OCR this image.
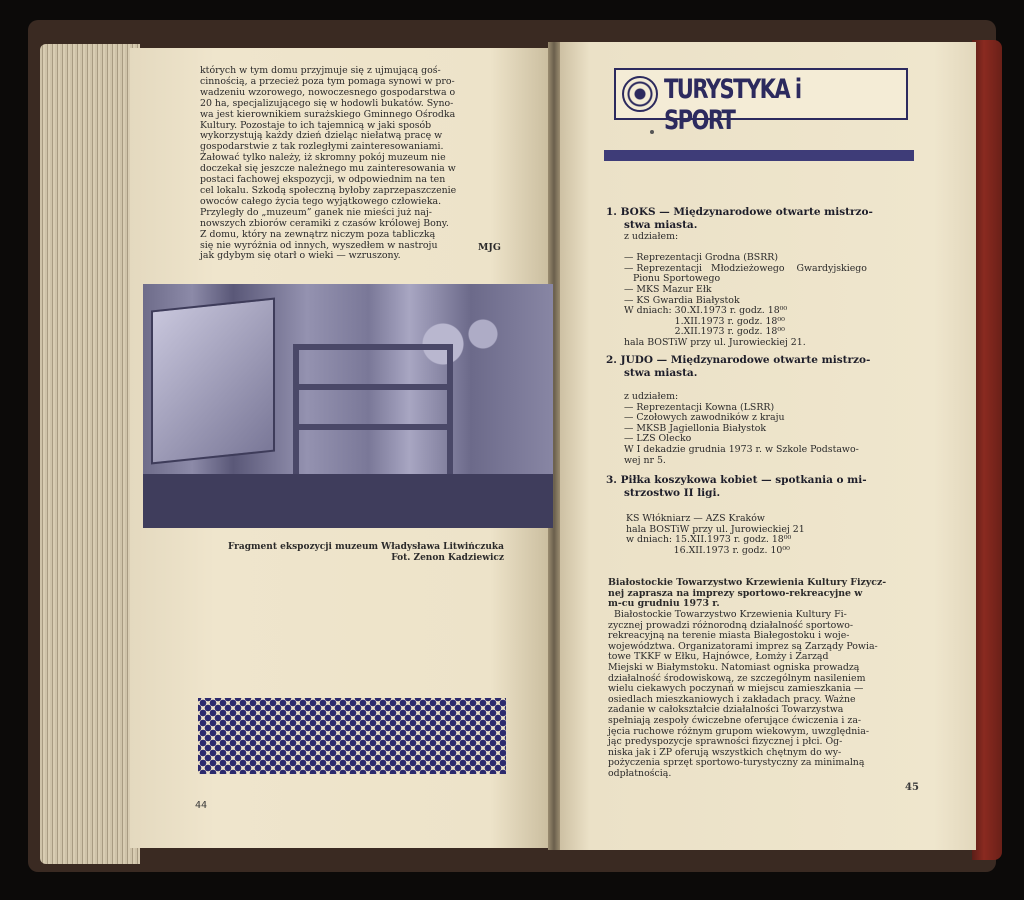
których w tym domu przyjmuje się z ujmującą goś-
cinnością, a przecież poza tym pomaga synowi w pro-
wadzeniu wzorowego, nowoczesnego gospodarstwa o
20 ha, specjalizującego się w hodowli bukatów. Syno-
wa jest kierownikiem surażskiego Gminnego Ośrodka
Kultury. Pozostaje to ich tajemnicą w jaki sposób
wykorzystują każdy dzień dzieląc niełatwą pracę w
gospodarstwie z tak rozległymi zainteresowaniami.
Żałować tylko należy, iż skromny pokój muzeum nie
doczekał się jeszcze należnego mu zainteresowania w
postaci fachowej ekspozycji, w odpowiednim na ten
cel lokalu. Szkodą społeczną byłoby zaprzepaszczenie
owoców całego życia tego wyjątkowego człowieka.
Przyległy do „muzeum” ganek nie mieści już naj-
nowszych zbiorów ceramiki z czasów królowej Bony.
Z domu, który na zewnątrz niczym poza tabliczką
się nie wyróżnia od innych, wyszedłem w nastroju
jak gdybym się otarł o wieki — wzruszony.
MJG
Fragment ekspozycji muzeum Władysława Litwińczuka
Fot. Zenon Kadziewicz
44
TURYSTYKA i SPORT
1. BOKS — Międzynarodowe otwarte mistrzo-
stwa miasta.
z udziałem:

— Reprezentacji Grodna (BSRR)
— Reprezentacji   Młodzieżowego    Gwardyjskiego
Pionu Sportowego
— MKS Mazur Ełk
— KS Gwardia Białystok
W dniach: 30.XI.1973 r. godz. 18⁰⁰
1.XII.1973 r. godz. 18⁰⁰
2.XII.1973 r. godz. 18⁰⁰
hala BOSTiW przy ul. Jurowieckiej 21.
2. JUDO — Międzynarodowe otwarte mistrzo-
stwa miasta.
z udziałem:
— Reprezentacji Kowna (LSRR)
— Czołowych zawodników z kraju
— MKSB Jagiellonia Białystok
— LZS Olecko
W I dekadzie grudnia 1973 r. w Szkole Podstawo-
wej nr 5.
3. Piłka koszykowa kobiet — spotkania o mi-
strzostwo II ligi.
KS Włókniarz — AZS Kraków
hala BOSTiW przy ul. Jurowieckiej 21
w dniach: 15.XII.1973 r. godz. 18⁰⁰
16.XII.1973 r. godz. 10⁰⁰
Białostockie Towarzystwo Krzewienia Kultury Fizycz-
nej zaprasza na imprezy sportowo-rekreacyjne w
m-cu grudniu 1973 r.
Białostockie Towarzystwo Krzewienia Kultury Fi-
zycznej prowadzi różnorodną działalność sportowo-
rekreacyjną na terenie miasta Białegostoku i woje-
województwa. Organizatorami imprez są Zarządy Powia-
towe TKKF w Ełku, Hajnówce, Łomży i Zarząd
Miejski w Białymstoku. Natomiast ogniska prowadzą
działalność środowiskową, ze szczególnym nasileniem
wielu ciekawych poczynań w miejscu zamieszkania —
osiedlach mieszkaniowych i zakładach pracy. Ważne
zadanie w całokształcie działalności Towarzystwa
spełniają zespoły ćwiczebne oferujące ćwiczenia i za-
jęcia ruchowe różnym grupom wiekowym, uwzględnia-
jąc predyspozycje sprawności fizycznej i płci. Og-
niska jak i ZP oferują wszystkich chętnym do wy-
pożyczenia sprzęt sportowo-turystyczny za minimalną
odpłatnością.
45
